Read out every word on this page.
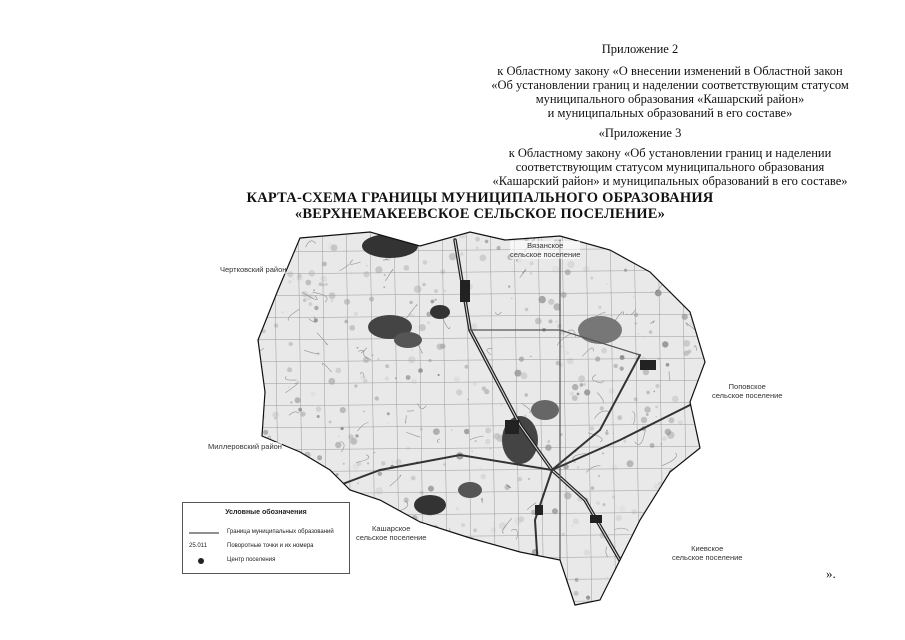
Приложение 2
к Областному закону «О внесении изменений в Областной закон
«Об установлении границ и наделении соответствующим статусом
муниципального образования «Кашарский район»
и муниципальных образований в его составе»
«Приложение 3
к Областному закону «Об установлении границ и наделении
соответствующим статусом муниципального образования
«Кашарский район» и муниципальных образований в его составе»
КАРТА-СХЕМА ГРАНИЦЫ МУНИЦИПАЛЬНОГО ОБРАЗОВАНИЯ
«ВЕРХНЕМАКЕЕВСКОЕ СЕЛЬСКОЕ ПОСЕЛЕНИЕ»
Чертковский район
Вязанское
сельское поселение
Поповское
сельское поселение
Миллеровский район
Кашарское
сельское поселение
Киевское
сельское поселение
Условные обозначения
Граница муниципальных образований
25.011	Поворотные точки и их номера
Центр поселения
».
